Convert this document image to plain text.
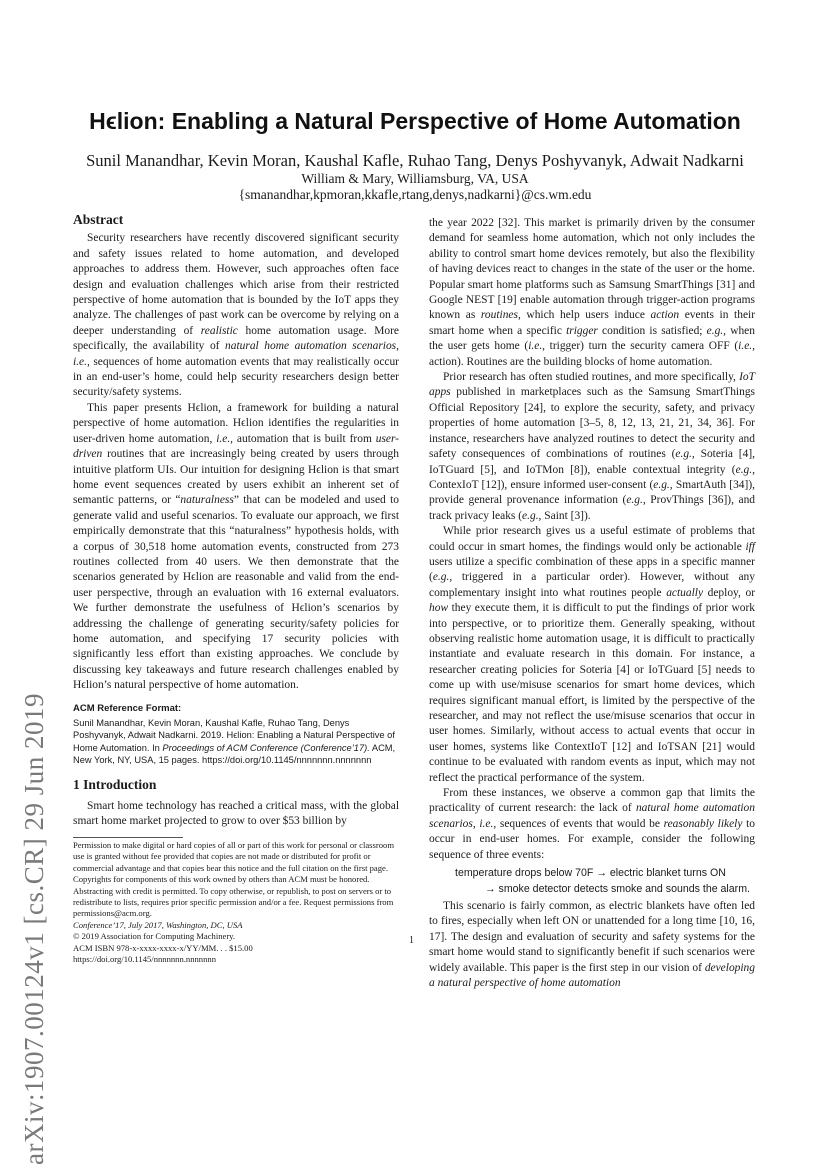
arXiv:1907.00124v1 [cs.CR] 29 Jun 2019
Hϵlion: Enabling a Natural Perspective of Home Automation
Sunil Manandhar, Kevin Moran, Kaushal Kafle, Ruhao Tang, Denys Poshyvanyk, Adwait Nadkarni
William & Mary, Williamsburg, VA, USA
{smanandhar,kpmoran,kkafle,rtang,denys,nadkarni}@cs.wm.edu
Abstract

Security researchers have recently discovered significant security and safety issues related to home automation, and developed approaches to address them. However, such approaches often face design and evaluation challenges which arise from their restricted perspective of home automation that is bounded by the IoT apps they analyze. The challenges of past work can be overcome by relying on a deeper understanding of realistic home automation usage. More specifically, the availability of natural home automation scenarios, i.e., sequences of home automation events that may realistically occur in an end-user’s home, could help security researchers design better security/safety systems.

This paper presents Hϵlion, a framework for building a natural perspective of home automation. Hϵlion identifies the regularities in user-driven home automation, i.e., automation that is built from user-driven routines that are increasingly being created by users through intuitive platform UIs. Our intuition for designing Hϵlion is that smart home event sequences created by users exhibit an inherent set of semantic patterns, or “naturalness” that can be modeled and used to generate valid and useful scenarios. To evaluate our approach, we first empirically demonstrate that this “naturalness” hypothesis holds, with a corpus of 30,518 home automation events, constructed from 273 routines collected from 40 users. We then demonstrate that the scenarios generated by Hϵlion are reasonable and valid from the end-user perspective, through an evaluation with 16 external evaluators. We further demonstrate the usefulness of Hϵlion’s scenarios by addressing the challenge of generating security/safety policies for home automation, and specifying 17 security policies with significantly less effort than existing approaches. We conclude by discussing key takeaways and future research challenges enabled by Hϵlion’s natural perspective of home automation.

ACM Reference Format:
Sunil Manandhar, Kevin Moran, Kaushal Kafle, Ruhao Tang, Denys Poshyvanyk, Adwait Nadkarni. 2019. Hϵlion: Enabling a Natural Perspective of Home Automation. In Proceedings of ACM Conference (Conference’17). ACM, New York, NY, USA, 15 pages. https://doi.org/10.1145/nnnnnnn.nnnnnnn
1 Introduction

Smart home technology has reached a critical mass, with the global smart home market projected to grow to over $53 billion by

Permission to make digital or hard copies of all or part of this work for personal or classroom use is granted without fee provided that copies are not made or distributed for profit or commercial advantage and that copies bear this notice and the full citation on the first page. Copyrights for components of this work owned by others than ACM must be honored. Abstracting with credit is permitted. To copy otherwise, or republish, to post on servers or to redistribute to lists, requires prior specific permission and/or a fee. Request permissions from permissions@acm.org.
Conference’17, July 2017, Washington, DC, USA
© 2019 Association for Computing Machinery.
ACM ISBN 978-x-xxxx-xxxx-x/YY/MM. . . $15.00
https://doi.org/10.1145/nnnnnnn.nnnnnnn

the year 2022 [32]. This market is primarily driven by the consumer demand for seamless home automation, which not only includes the ability to control smart home devices remotely, but also the flexibility of having devices react to changes in the state of the user or the home. Popular smart home platforms such as Samsung SmartThings [31] and Google NEST [19] enable automation through trigger-action programs known as routines, which help users induce action events in their smart home when a specific trigger condition is satisfied; e.g., when the user gets home (i.e., trigger) turn the security camera OFF (i.e., action). Routines are the building blocks of home automation.

Prior research has often studied routines, and more specifically, IoT apps published in marketplaces such as the Samsung SmartThings Official Repository [24], to explore the security, safety, and privacy properties of home automation [3–5, 8, 12, 13, 21, 21, 34, 36]. For instance, researchers have analyzed routines to detect the security and safety consequences of combinations of routines (e.g., Soteria [4], IoTGuard [5], and IoTMon [8]), enable contextual integrity (e.g., ContexIoT [12]), ensure informed user-consent (e.g., SmartAuth [34]), provide general provenance information (e.g., ProvThings [36]), and track privacy leaks (e.g., Saint [3]).

While prior research gives us a useful estimate of problems that could occur in smart homes, the findings would only be actionable iff users utilize a specific combination of these apps in a specific manner (e.g., triggered in a particular order). However, without any complementary insight into what routines people actually deploy, or how they execute them, it is difficult to put the findings of prior work into perspective, or to prioritize them. Generally speaking, without observing realistic home automation usage, it is difficult to practically instantiate and evaluate research in this domain. For instance, a researcher creating policies for Soteria [4] or IoTGuard [5] needs to come up with use/misuse scenarios for smart home devices, which requires significant manual effort, is limited by the perspective of the researcher, and may not reflect the use/misuse scenarios that occur in user homes. Similarly, without access to actual events that occur in user homes, systems like ContextIoT [12] and IoTSAN [21] would continue to be evaluated with random events as input, which may not reflect the practical performance of the system.

From these instances, we observe a common gap that limits the practicality of current research: the lack of natural home automation scenarios, i.e., sequences of events that would be reasonably likely to occur in end-user homes. For example, consider the following sequence of three events:

temperature drops below 70F → electric blanket turns ON
→ smoke detector detects smoke and sounds the alarm.

This scenario is fairly common, as electric blankets have often led to fires, especially when left ON or unattended for a long time [10, 16, 17]. The design and evaluation of security and safety systems for the smart home would stand to significantly benefit if such scenarios were widely available. This paper is the first step in our vision of developing a natural perspective of home automation

1
